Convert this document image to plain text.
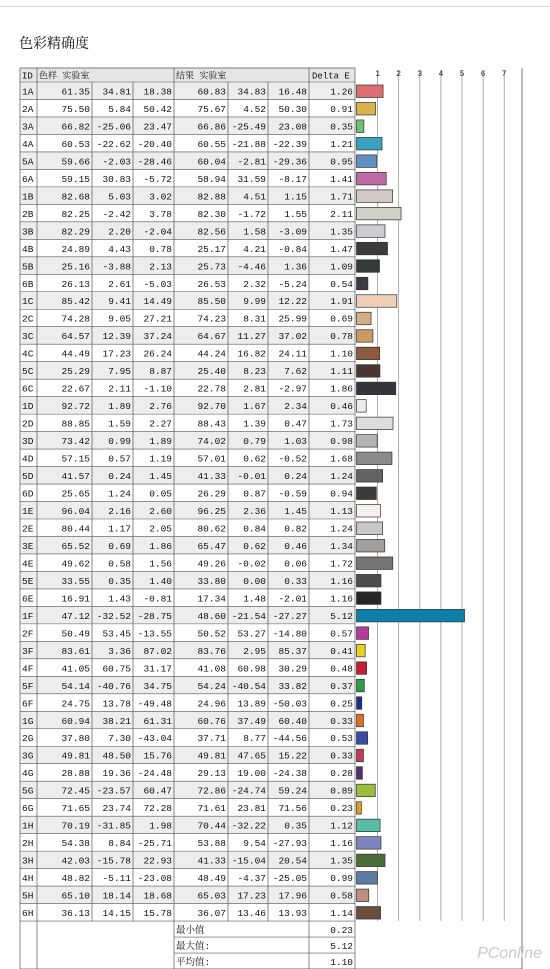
色彩精确度
1 2 3 4 5 6 7
ID 色样 实验室	结果 实验室	Delta E
1A	61.35 34.81 18.38	60.83 34.83 16.48 1.26
2A	75.50 5.84 50.42	75.67 4.52 50.30 0.91
3A	66.82 -25.06 23.47	66.86 -25.49 23.08 0.35
4A	60.53 -22.62 -20.40	60.55 -21.88 -22.39 1.21
5A	59.66 -2.03 -28.46	60.04 -2.81 -29.36 0.95
6A	59.15 30.83 -5.72	58.94 31.59 -8.17 1.41
1B	82.68 5.03 3.02	82.88 4.51 1.15 1.71
2B	82.25 -2.42 3.78	82.30 -1.72 1.55 2.11
3B	82.29 2.20 -2.04	82.56 1.58 -3.09 1.35
4B	24.89 4.43 0.78	25.17 4.21 -0.84 1.47
5B	25.16 -3.88 2.13	25.73 -4.46 1.36 1.09
6B	26.13 2.61 -5.03	26.53 2.32 -5.24 0.54
1C	85.42 9.41 14.49	85.50 9.99 12.22 1.91
2C	74.28 9.05 27.21	74.23 8.31 25.99 0.69
3C	64.57 12.39 37.24	64.67 11.27 37.02 0.78
4C	44.49 17.23 26.24	44.24 16.82 24.11 1.10
5C	25.29 7.95 8.87	25.40 8.23 7.62 1.11
6C	22.67 2.11 -1.10	22.78 2.81 -2.97 1.86
1D	92.72 1.89 2.76	92.70 1.67 2.34 0.46
2D	88.85 1.59 2.27	88.43 1.39 0.47 1.73
3D	73.42 0.99 1.89	74.02 0.79 1.03 0.98
4D	57.15 0.57 1.19	57.01 0.62 -0.52 1.68
5D	41.57 0.24 1.45	41.33 -0.01 0.24 1.24
6D	25.65 1.24 0.05	26.29 0.87 -0.59 0.94
1E	96.04 2.16 2.60	96.25 2.36 1.45 1.13
2E	80.44 1.17 2.05	80.62 0.84 0.82 1.24
3E	65.52 0.69 1.86	65.47 0.62 0.46 1.34
4E	49.62 0.58 1.56	49.26 -0.02 0.06 1.72
5E	33.55 0.35 1.40	33.80 0.00 0.33 1.16
6E	16.91 1.43 -0.81	17.34 1.48 -2.01 1.16
1F	47.12 -32.52 -28.75	48.60 -21.54 -27.27 5.12
2F	50.49 53.45 -13.55	50.52 53.27 -14.80 0.57
3F	83.61 3.36 87.02	83.76 2.95 85.37 0.41
4F	41.05 60.75 31.17	41.08 60.98 30.29 0.48
5F	54.14 -40.76 34.75	54.24 -40.54 33.82 0.37
6F	24.75 13.78 -49.48	24.96 13.89 -50.03 0.25
1G	60.94 38.21 61.31	60.76 37.49 60.40 0.33
2G	37.80 7.30 -43.04	37.71 8.77 -44.56 0.53
3G	49.81 48.50 15.76	49.81 47.65 15.22 0.33
4G	28.88 19.36 -24.48	29.13 19.00 -24.38 0.28
5G	72.45 -23.57 60.47	72.86 -24.74 59.24 0.89
6G	71.65 23.74 72.28	71.61 23.81 71.56 0.23
1H	70.19 -31.85 1.98	70.44 -32.22 0.35 1.12
2H	54.38 8.84 -25.71	53.88 9.54 -27.93 1.16
3H	42.03 -15.78 22.93	41.33 -15.04 20.54 1.35
4H	48.82 -5.11 -23.08	48.49 -4.37 -25.05 0.99
5H	65.10 18.14 18.68	65.03 17.23 17.96 0.58
6H	36.13 14.15 15.78	36.07 13.46 13.93 1.14
最小值	0.23
最大值:	5.12
平均值:	1.10
PConline
